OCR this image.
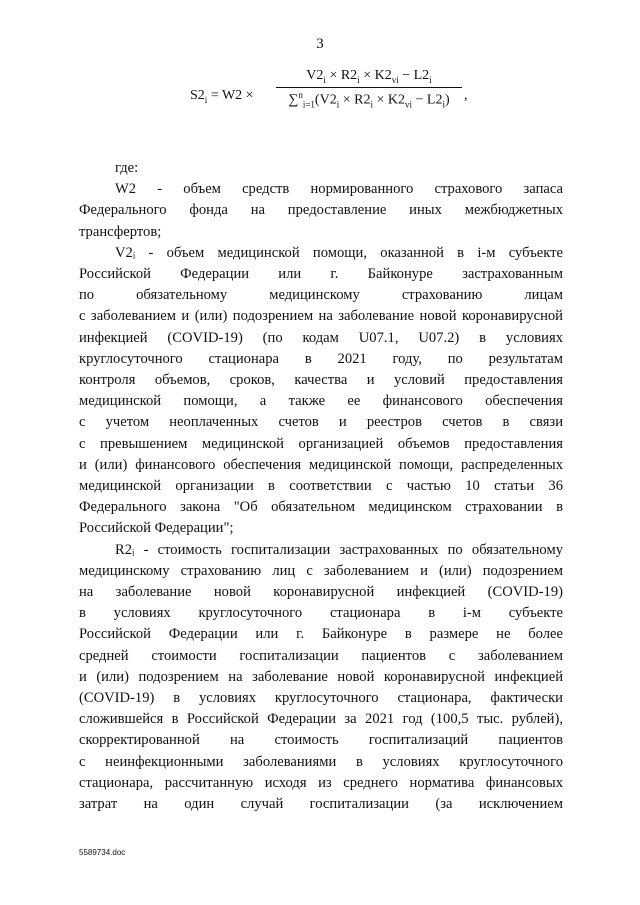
3
$S2_i = W2$ ×
$V2_i \times R2_i \times K2_{vi} - L2_i$
$\sum^n_{i=1}(V2_i \times R2_i \times K2_{vi} - L2_i)$	,

где:

W2 - объем средств нормированного страхового запаса

Федерального фонда на предоставление иных межбюджетных

трансфертов;

V2ᵢ - объем медицинской помощи, оказанной в i-м субъекте

Российской Федерации или г. Байконуре застрахованным

по обязательному медицинскому страхованию лицам

с заболеванием и (или) подозрением на заболевание новой коронавирусной

инфекцией (COVID-19) (по кодам U07.1, U07.2) в условиях

круглосуточного стационара в 2021 году, по результатам

контроля объемов, сроков, качества и условий предоставления

медицинской помощи, а также ее финансового обеспечения

с учетом неоплаченных счетов и реестров счетов в связи

с превышением медицинской организацией объемов предоставления

и (или) финансового обеспечения медицинской помощи, распределенных

медицинской организации в соответствии с частью 10 статьи 36

Федерального закона "Об обязательном медицинском страховании в

Российской Федерации";

R2ᵢ - стоимость госпитализации застрахованных по обязательному

медицинскому страхованию лиц с заболеванием и (или) подозрением

на заболевание новой коронавирусной инфекцией (COVID-19)

в условиях круглосуточного стационара в i-м субъекте

Российской Федерации или г. Байконуре в размере не более

средней стоимости госпитализации пациентов с заболеванием

и (или) подозрением на заболевание новой коронавирусной инфекцией

(COVID-19) в условиях круглосуточного стационара, фактически

сложившейся в Российской Федерации за 2021 год (100,5 тыс. рублей),

скорректированной на стоимость госпитализаций пациентов

с неинфекционными заболеваниями в условиях круглосуточного

стационара, рассчитанную исходя из среднего норматива финансовых

затрат на один случай госпитализации (за исключением

5589734.doc
